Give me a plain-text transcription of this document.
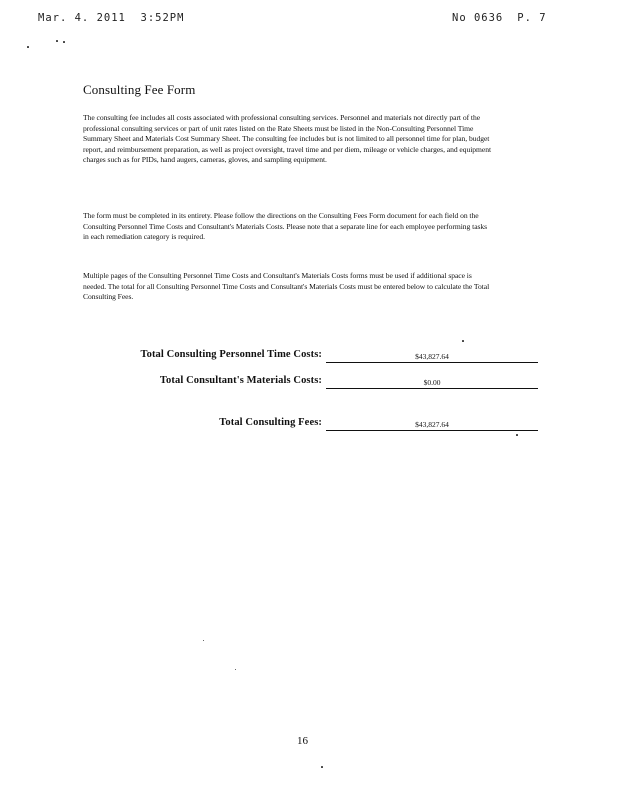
Mar. 4. 2011 3:52PM	No 0636 P. 7
Consulting Fee Form

The consulting fee includes all costs associated with professional consulting services. Personnel and materials not directly part of the professional consulting services or part of unit rates listed on the Rate Sheets must be listed in the Non-Consulting Personnel Time Summary Sheet and Materials Cost Summary Sheet. The consulting fee includes but is not limited to all personnel time for plan, budget report, and reimbursement preparation, as well as project oversight, travel time and per diem, mileage or vehicle charges, and equipment charges such as for PIDs, hand augers, cameras, gloves, and sampling equipment.

The form must be completed in its entirety. Please follow the directions on the Consulting Fees Form document for each field on the Consulting Personnel Time Costs and Consultant's Materials Costs. Please note that a separate line for each employee performing tasks in each remediation category is required.

Multiple pages of the Consulting Personnel Time Costs and Consultant's Materials Costs forms must be used if additional space is needed. The total for all Consulting Personnel Time Costs and Consultant's Materials Costs must be entered below to calculate the Total Consulting Fees.

Total Consulting Personnel Time Costs:	$43,827.64
Total Consultant's Materials Costs:	$0.00
Total Consulting Fees:	$43,827.64

16
